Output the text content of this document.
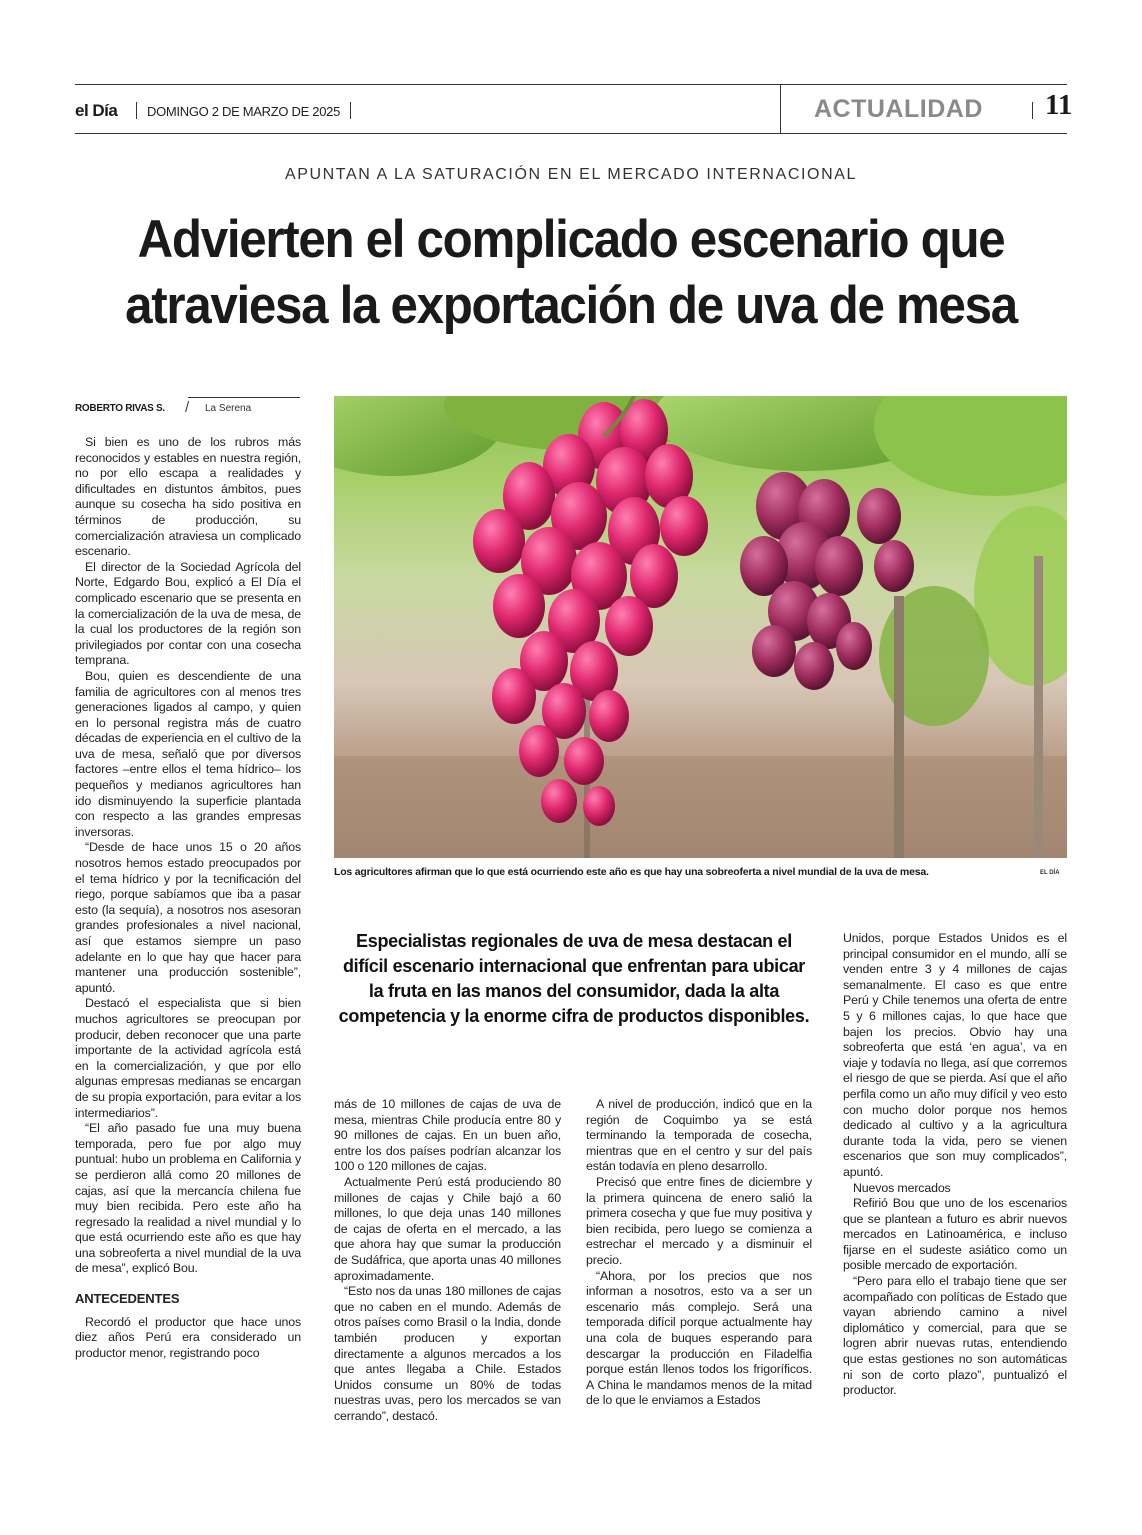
el Día DOMINGO 2 DE MARZO DE 2025	ACTUALIDAD 11
APUNTAN A LA SATURACIÓN EN EL MERCADO INTERNACIONAL
Advierten el complicado escenario que
atraviesa la exportación de uva de mesa
ROBERTO RIVAS S. / La Serena
Los agricultores afirman que lo que está ocurriendo este año es que hay una sobreoferta a nivel mundial de la uva de mesa.	EL DÍA

Si bien es uno de los rubros más reconocidos y estables en nuestra región, no por ello escapa a realidades y dificultades en distuntos ámbitos, pues aunque su cosecha ha sido positiva en términos de producción, su comercialización atraviesa un complicado escenario.

El director de la Sociedad Agrícola del Norte, Edgardo Bou, explicó a El Día el complicado escenario que se presenta en la comercialización de la uva de mesa, de la cual los productores de la región son privilegiados por contar con una cosecha temprana.

Bou, quien es descendiente de una familia de agricultores con al menos tres generaciones ligados al campo, y quien en lo personal registra más de cuatro décadas de experiencia en el cultivo de la uva de mesa, señaló que por diversos factores –entre ellos el tema hídrico– los pequeños y medianos agricultores han ido disminuyendo la superficie plantada con respecto a las grandes empresas inversoras.

“Desde de hace unos 15 o 20 años nosotros hemos estado preocupados por el tema hídrico y por la tecnificación del riego, porque sabíamos que iba a pasar esto (la sequía), a nosotros nos asesoran grandes profesionales a nivel nacional, así que estamos siempre un paso adelante en lo que hay que hacer para mantener una producción sostenible”, apuntó.

Destacó el especialista que si bien muchos agricultores se preocupan por producir, deben reconocer que una parte importante de la actividad agrícola está en la comercialización, y que por ello algunas empresas medianas se encargan de su propia exportación, para evitar a los intermediarios”.

“El año pasado fue una muy buena temporada, pero fue por algo muy puntual: hubo un problema en California y se perdieron allá como 20 millones de cajas, así que la mercancía chilena fue muy bien recibida. Pero este año ha regresado la realidad a nivel mundial y lo que está ocurriendo este año es que hay una sobreoferta a nivel mundial de la uva de mesa”, explicó Bou.

ANTECEDENTES

Recordó el productor que hace unos diez años Perú era considerado un productor menor, registrando poco

Especialistas regionales de uva de mesa destacan el difícil escenario internacional que enfrentan para ubicar la fruta en las manos del consumidor, dada la alta competencia y la enorme cifra de productos disponibles.

más de 10 millones de cajas de uva de mesa, mientras Chile producía entre 80 y 90 millones de cajas. En un buen año, entre los dos países podrían alcanzar los 100 o 120 millones de cajas.

Actualmente Perú está produciendo 80 millones de cajas y Chile bajó a 60 millones, lo que deja unas 140 millones de cajas de oferta en el mercado, a las que ahora hay que sumar la producción de Sudáfrica, que aporta unas 40 millones aproximadamente.

“Esto nos da unas 180 millones de cajas que no caben en el mundo. Además de otros países como Brasil o la India, donde también producen y exportan directamente a algunos mercados a los que antes llegaba a Chile. Estados Unidos consume un 80% de todas nuestras uvas, pero los mercados se van cerrando”, destacó.

A nivel de producción, indicó que en la región de Coquimbo ya se está terminando la temporada de cosecha, mientras que en el centro y sur del país están todavía en pleno desarrollo.

Precisó que entre fines de diciembre y la primera quincena de enero salió la primera cosecha y que fue muy positiva y bien recibida, pero luego se comienza a estrechar el mercado y a disminuir el precio.

“Ahora, por los precios que nos informan a nosotros, esto va a ser un escenario más complejo. Será una temporada difícil porque actualmente hay una cola de buques esperando para descargar la producción en Filadelfia porque están llenos todos los frigoríficos. A China le mandamos menos de la mitad de lo que le enviamos a Estados

Unidos, porque Estados Unidos es el principal consumidor en el mundo, allí se venden entre 3 y 4 millones de cajas semanalmente. El caso es que entre Perú y Chile tenemos una oferta de entre 5 y 6 millones cajas, lo que hace que bajen los precios. Obvio hay una sobreoferta que está ‘en agua’, va en viaje y todavía no llega, así que corremos el riesgo de que se pierda. Así que el año perfila como un año muy difícil y veo esto con mucho dolor porque nos hemos dedicado al cultivo y a la agricultura durante toda la vida, pero se vienen escenarios que son muy complicados”, apuntó.

Nuevos mercados

Refirió Bou que uno de los escenarios que se plantean a futuro es abrir nuevos mercados en Latinoamérica, e incluso fijarse en el sudeste asiático como un posible mercado de exportación.

“Pero para ello el trabajo tiene que ser acompañado con políticas de Estado que vayan abriendo camino a nivel diplomático y comercial, para que se logren abrir nuevas rutas, entendiendo que estas gestiones no son automáticas ni son de corto plazo”, puntualizó el productor.
